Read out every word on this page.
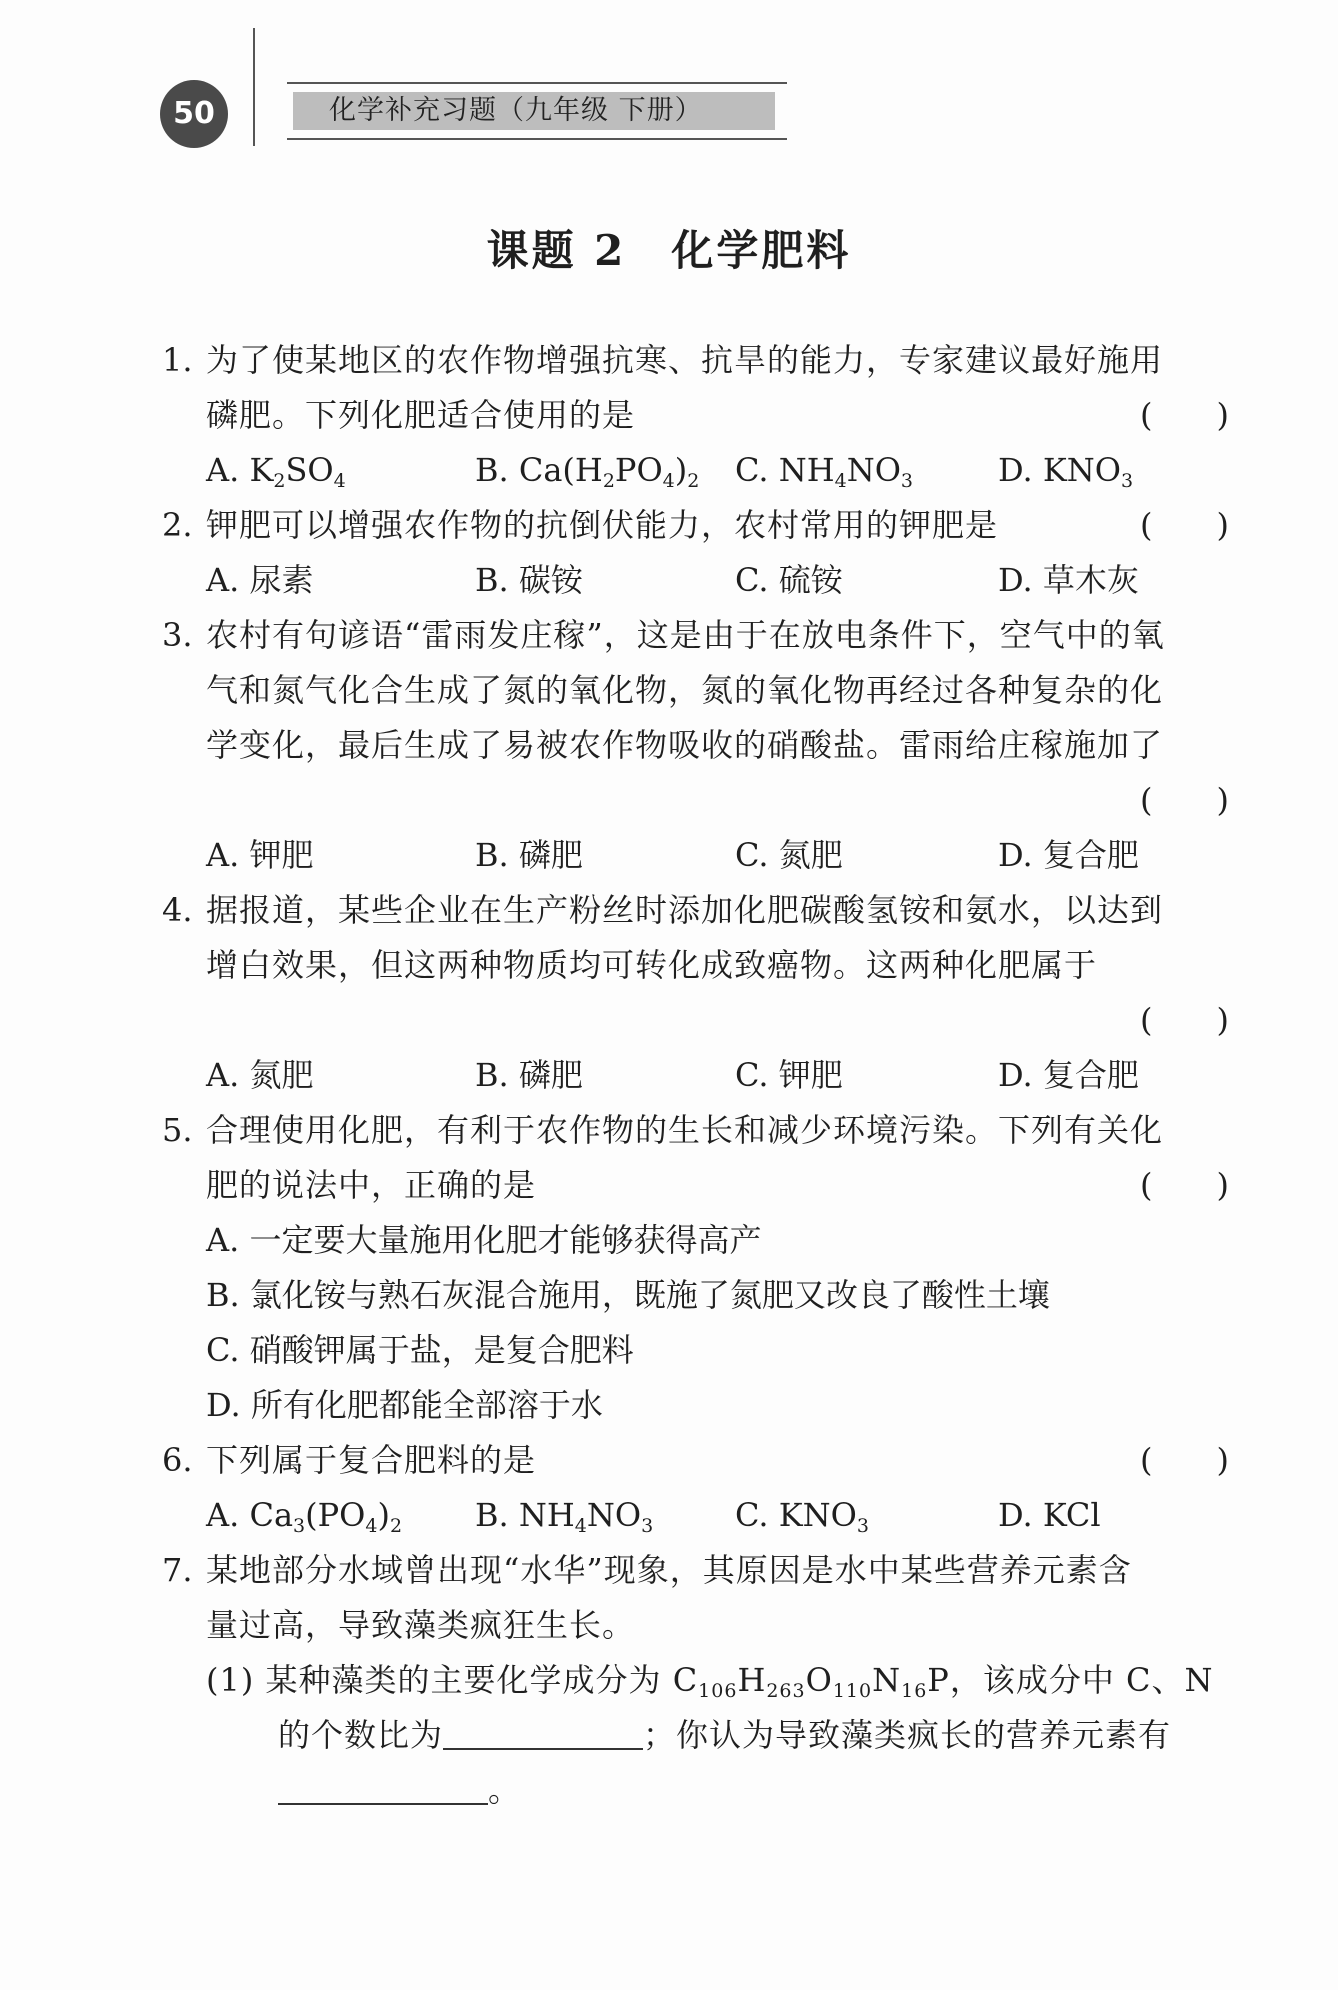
50	化学补充习题（九年级 下册）
课题 2　化学肥料
1. 为了使某地区的农作物增强抗寒、抗旱的能力，专家建议最好施用
磷肥。下列化肥适合使用的是	(　　)
A. $K_2SO_4$	B. $Ca(H_2PO_4)_2$ C. $NH_4NO_3$	D. $KNO_3$
2. 钾肥可以增强农作物的抗倒伏能力，农村常用的钾肥是	(　　)
A. 尿素	B. 碳铵	C. 硫铵	D. 草木灰
3. 农村有句谚语“雷雨发庄稼”，这是由于在放电条件下，空气中的氧
气和氮气化合生成了氮的氧化物，氮的氧化物再经过各种复杂的化
学变化，最后生成了易被农作物吸收的硝酸盐。雷雨给庄稼施加了
(　　)
A. 钾肥	B. 磷肥	C. 氮肥	D. 复合肥
4. 据报道，某些企业在生产粉丝时添加化肥碳酸氢铵和氨水，以达到
增白效果，但这两种物质均可转化成致癌物。这两种化肥属于
(　　)
A. 氮肥	B. 磷肥	C. 钾肥	D. 复合肥
5. 合理使用化肥，有利于农作物的生长和减少环境污染。下列有关化
肥的说法中，正确的是	(　　)
A. 一定要大量施用化肥才能够获得高产
B. 氯化铵与熟石灰混合施用，既施了氮肥又改良了酸性土壤
C. 硝酸钾属于盐，是复合肥料
D. 所有化肥都能全部溶于水
6. 下列属于复合肥料的是	(　　)
A. $Ca_3(PO_4)_2$ B. $NH_4NO_3$	C. $KNO_3$	D. KCl
7. 某地部分水域曾出现“水华”现象，其原因是水中某些营养元素含
量过高，导致藻类疯狂生长。
(1) 某种藻类的主要化学成分为 $C_{106}H_{263}O_{110}N_{16}P$，该成分中 C、N
的个数比为	；你认为导致藻类疯长的营养元素有
。
